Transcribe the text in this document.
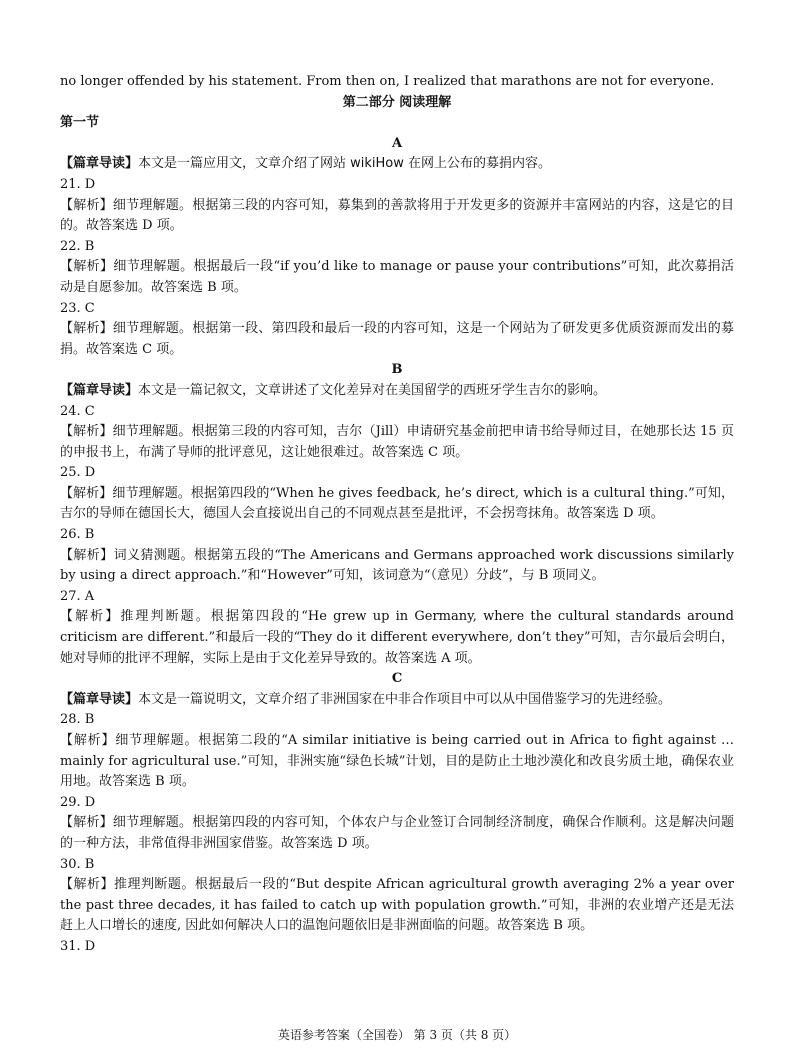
no longer offended by his statement. From then on, I realized that marathons are not for everyone.
第二部分 阅读理解
第一节
A
【篇章导读】本文是一篇应用文，文章介绍了网站 wikiHow 在网上公布的募捐内容。
21. D
【解析】细节理解题。根据第三段的内容可知，募集到的善款将用于开发更多的资源并丰富网站的内容，这是它的目的。故答案选 D 项。
22. B
【解析】细节理解题。根据最后一段“if you’d like to manage or pause your contributions”可知，此次募捐活动是自愿参加。故答案选 B 项。
23. C
【解析】细节理解题。根据第一段、第四段和最后一段的内容可知，这是一个网站为了研发更多优质资源而发出的募捐。故答案选 C 项。
B
【篇章导读】本文是一篇记叙文，文章讲述了文化差异对在美国留学的西班牙学生吉尔的影响。
24. C
【解析】细节理解题。根据第三段的内容可知，吉尔（Jill）申请研究基金前把申请书给导师过目，在她那长达 15 页的申报书上，布满了导师的批评意见，这让她很难过。故答案选 C 项。
25. D
【解析】细节理解题。根据第四段的“When he gives feedback, he’s direct, which is a cultural thing.”可知，吉尔的导师在德国长大，德国人会直接说出自己的不同观点甚至是批评，不会拐弯抹角。故答案选 D 项。
26. B
【解析】词义猜测题。根据第五段的“The Americans and Germans approached work discussions similarly by using a direct approach.”和“However”可知，该词意为“（意见）分歧”，与 B 项同义。
27. A
【解析】推理判断题。根据第四段的“He grew up in Germany, where the cultural standards around criticism are different.”和最后一段的“They do it different everywhere, don’t they”可知，吉尔最后会明白，她对导师的批评不理解，实际上是由于文化差异导致的。故答案选 A 项。
C
【篇章导读】本文是一篇说明文，文章介绍了非洲国家在中非合作项目中可以从中国借鉴学习的先进经验。
28. B
【解析】细节理解题。根据第二段的“A similar initiative is being carried out in Africa to fight against … mainly for agricultural use.”可知，非洲实施“绿色长城”计划，目的是防止土地沙漠化和改良劣质土地，确保农业用地。故答案选 B 项。
29. D
【解析】细节理解题。根据第四段的内容可知，个体农户与企业签订合同制经济制度，确保合作顺利。这是解决问题的一种方法，非常值得非洲国家借鉴。故答案选 D 项。
30. B
【解析】推理判断题。根据最后一段的“But despite African agricultural growth averaging 2% a year over the past three decades, it has failed to catch up with population growth.”可知，非洲的农业增产还是无法赶上人口增长的速度, 因此如何解决人口的温饱问题依旧是非洲面临的问题。故答案选 B 项。
31. D
英语参考答案（全国卷） 第 3 页（共 8 页）
